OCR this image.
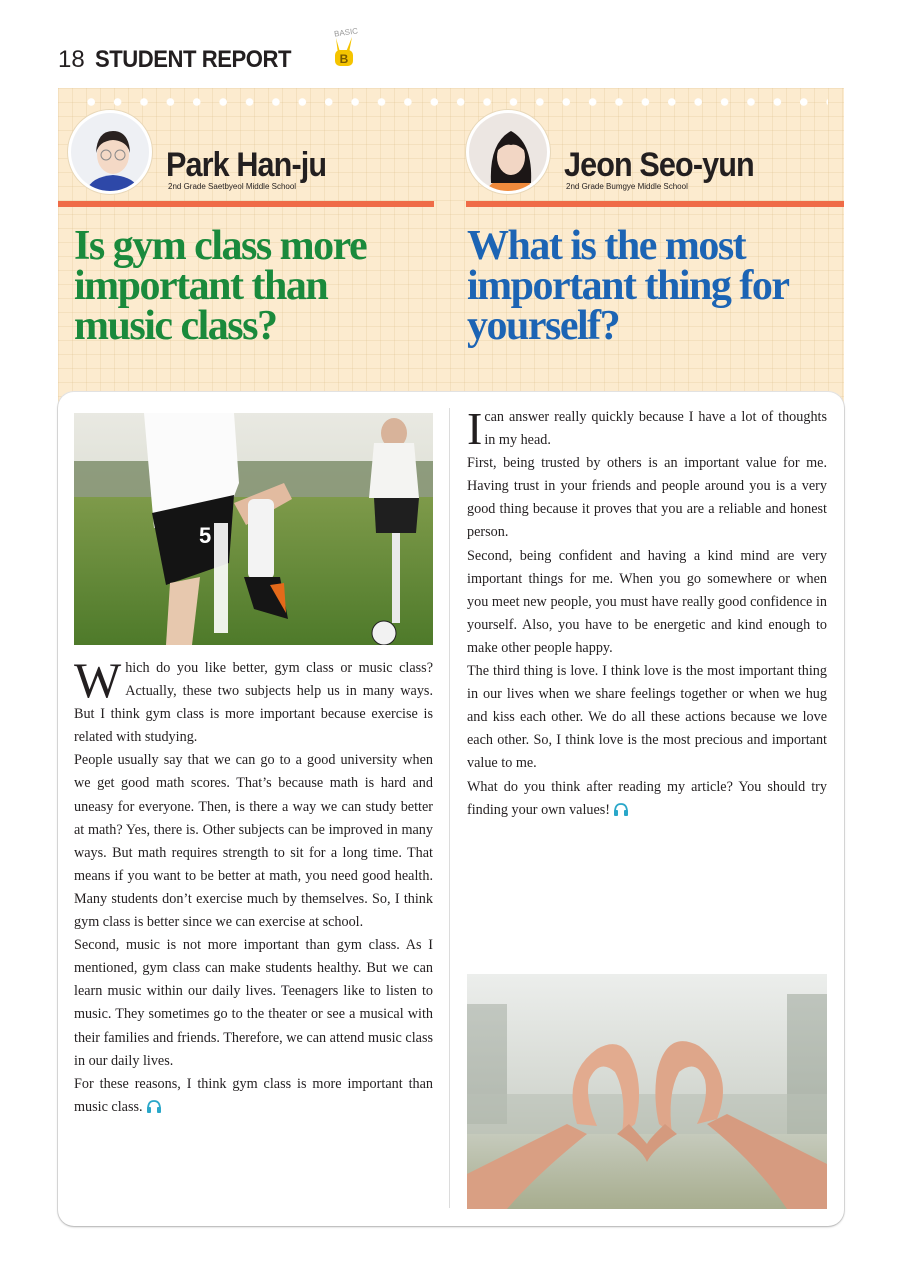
18 STUDENT REPORT
BASIC
B
Park Han-ju
2nd Grade Saetbyeol Middle School
Jeon Seo-yun
2nd Grade Bumgye Middle School
Is gym class more important than music class?
What is the most important thing for yourself?
5

Which do you like better, gym class or music class? Actually, these two subjects help us in many ways. But I think gym class is more important because exercise is related with studying.

People usually say that we can go to a good university when we get good math scores. That’s because math is hard and uneasy for everyone. Then, is there a way we can study better at math? Yes, there is. Other subjects can be improved in many ways. But math requires strength to sit for a long time. That means if you want to be better at math, you need good health. Many students don’t exercise much by themselves. So, I think gym class is better since we can exercise at school.

Second, music is not more important than gym class. As I mentioned, gym class can make students healthy. But we can learn music within our daily lives. Teenagers like to listen to music. They sometimes go to the theater or see a musical with their families and friends. Therefore, we can attend music class in our daily lives.

For these reasons, I think gym class is more important than music class.

Ican answer really quickly because I have a lot of thoughts in my head.

First, being trusted by others is an important value for me. Having trust in your friends and people around you is a very good thing because it proves that you are a reliable and honest person.

Second, being confident and having a kind mind are very important things for me. When you go somewhere or when you meet new people, you must have really good confidence in yourself. Also, you have to be energetic and kind enough to make other people happy.

The third thing is love. I think love is the most important thing in our lives when we share feelings together or when we hug and kiss each other. We do all these actions because we love each other. So, I think love is the most precious and important value to me.

What do you think after reading my article? You should try finding your own values!
